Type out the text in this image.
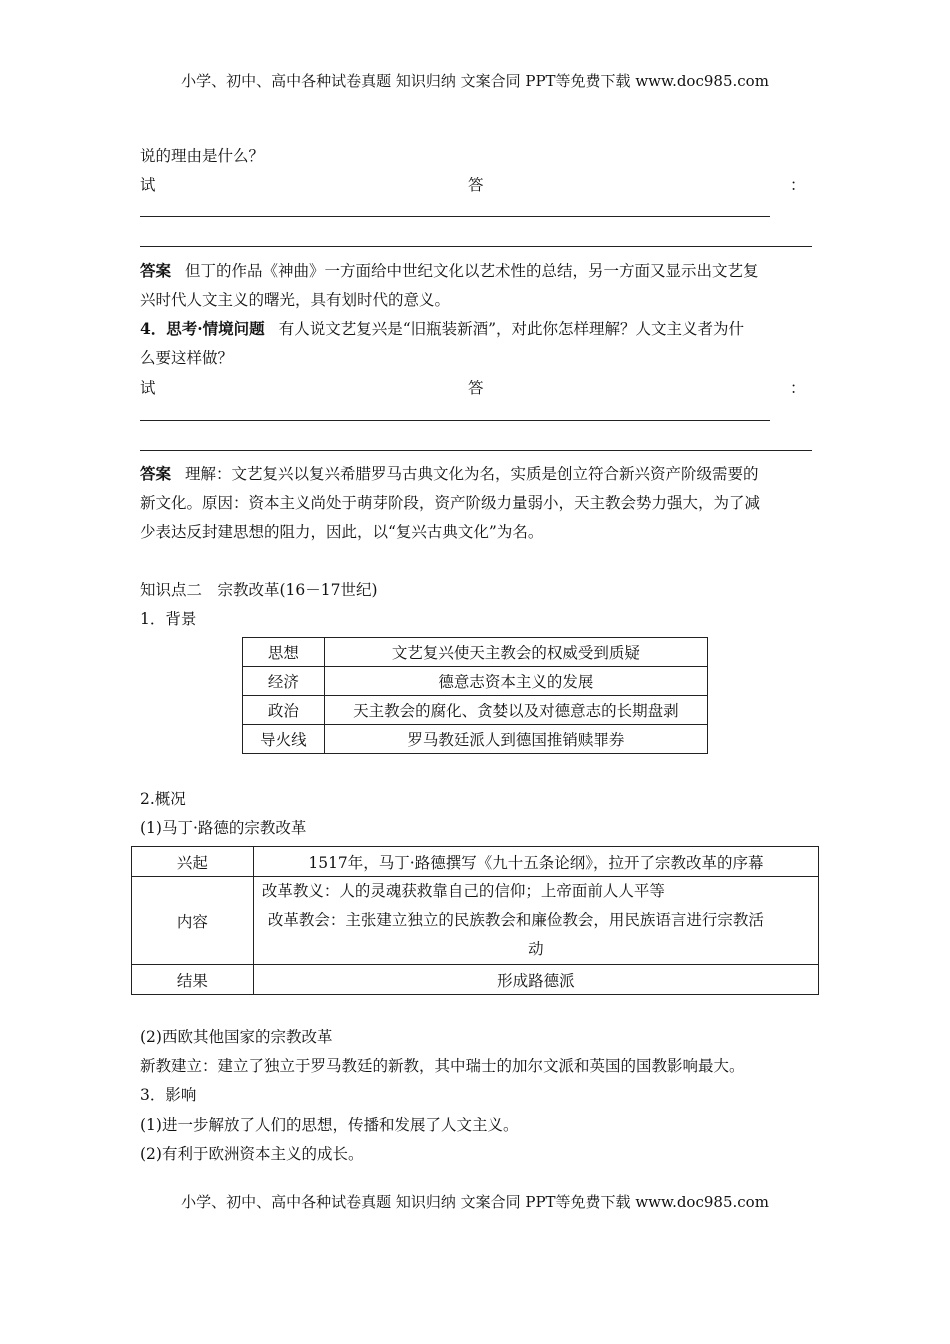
小学、初中、高中各种试卷真题 知识归纳 文案合同 PPT等免费下载 www.doc985.com
说的理由是什么？
试	答	：
答案 但丁的作品《神曲》一方面给中世纪文化以艺术性的总结，另一方面又显示出文艺复
兴时代人文主义的曙光，具有划时代的意义。
4．思考·情境问题 有人说文艺复兴是“旧瓶装新酒”，对此你怎样理解？人文主义者为什
么要这样做？
试	答	：
答案 理解：文艺复兴以复兴希腊罗马古典文化为名，实质是创立符合新兴资产阶级需要的
新文化。原因：资本主义尚处于萌芽阶段，资产阶级力量弱小，天主教会势力强大，为了减
少表达反封建思想的阻力，因此，以“复兴古典文化”为名。
知识点二　宗教改革(16－17世纪)
1．背景
思想	文艺复兴使天主教会的权威受到质疑
经济	德意志资本主义的发展
政治	天主教会的腐化、贪婪以及对德意志的长期盘剥
导火线	罗马教廷派人到德国推销赎罪券
2.概况
(1)马丁·路德的宗教改革
兴起	1517年，马丁·路德撰写《九十五条论纲》，拉开了宗教改革的序幕
内容	改革教义：人的灵魂获救靠自己的信仰；上帝面前人人平等
改革教会：主张建立独立的民族教会和廉俭教会，用民族语言进行宗教活
动

结果	形成路德派
(2)西欧其他国家的宗教改革
新教建立：建立了独立于罗马教廷的新教，其中瑞士的加尔文派和英国的国教影响最大。
3．影响
(1)进一步解放了人们的思想，传播和发展了人文主义。
(2)有利于欧洲资本主义的成长。
小学、初中、高中各种试卷真题 知识归纳 文案合同 PPT等免费下载 www.doc985.com
